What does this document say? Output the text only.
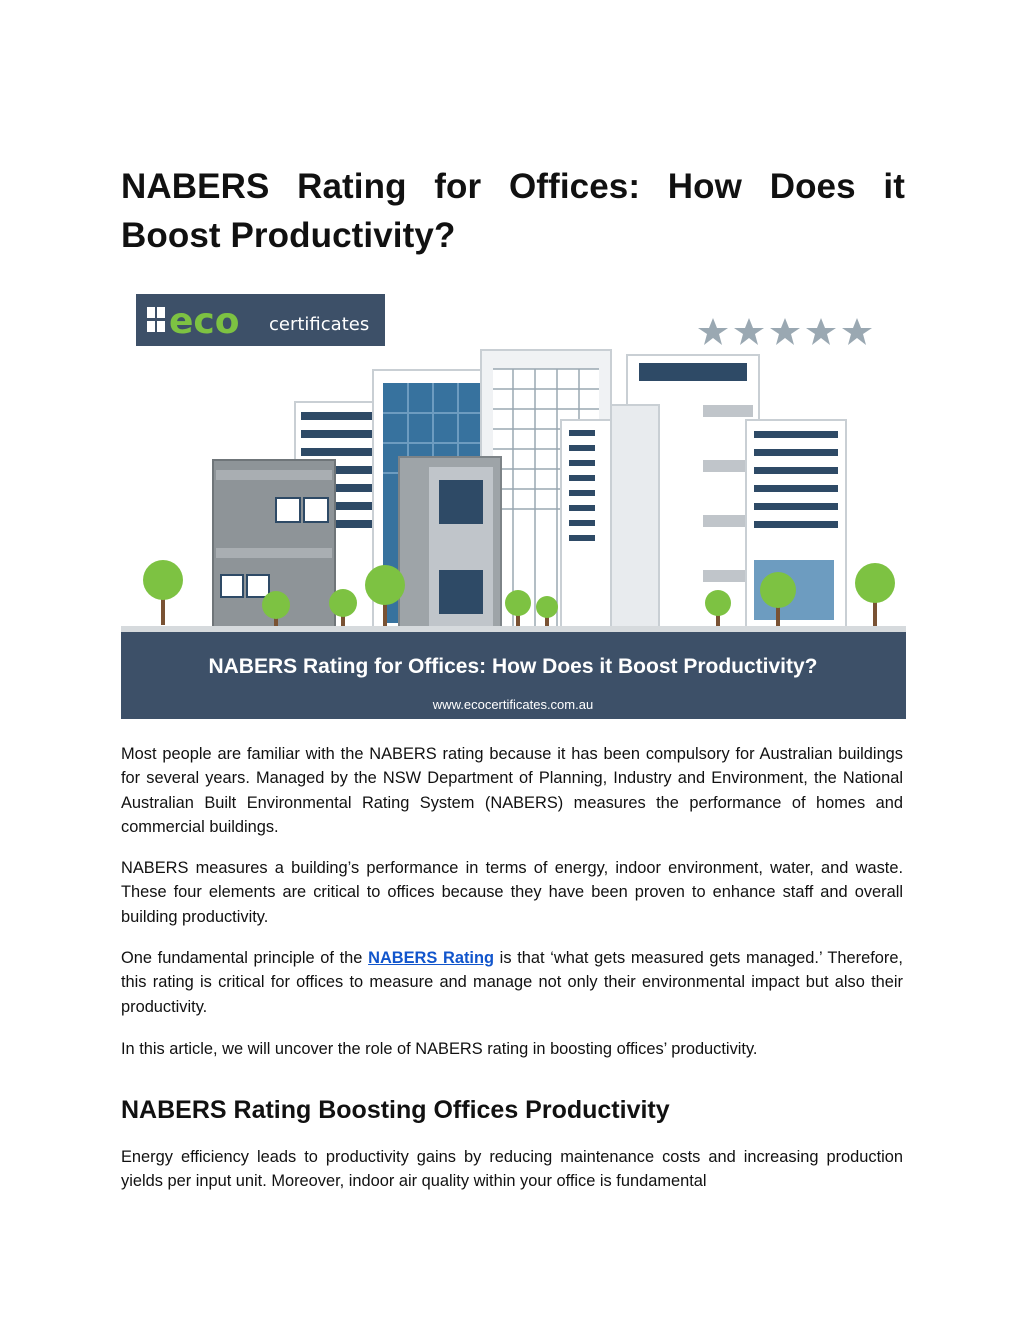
NABERS Rating for Offices: How Does it Boost Productivity?
eco certificates
NABERS Rating for Offices: How Does it Boost Productivity?
www.ecocertificates.com.au

Most people are familiar with the NABERS rating because it has been compulsory for Australian buildings for several years. Managed by the NSW Department of Planning, Industry and Environment, the National Australian Built Environmental Rating System (NABERS) measures the performance of homes and commercial buildings.

NABERS measures a building’s performance in terms of energy, indoor environment, water, and waste. These four elements are critical to offices because they have been proven to enhance staff and overall building productivity.

One fundamental principle of the NABERS Rating is that ‘what gets measured gets managed.’ Therefore, this rating is critical for offices to measure and manage not only their environmental impact but also their productivity.

In this article, we will uncover the role of NABERS rating in boosting offices’ productivity.

NABERS Rating Boosting Offices Productivity

Energy efficiency leads to productivity gains by reducing maintenance costs and increasing production yields per input unit. Moreover, indoor air quality within your office is fundamental
